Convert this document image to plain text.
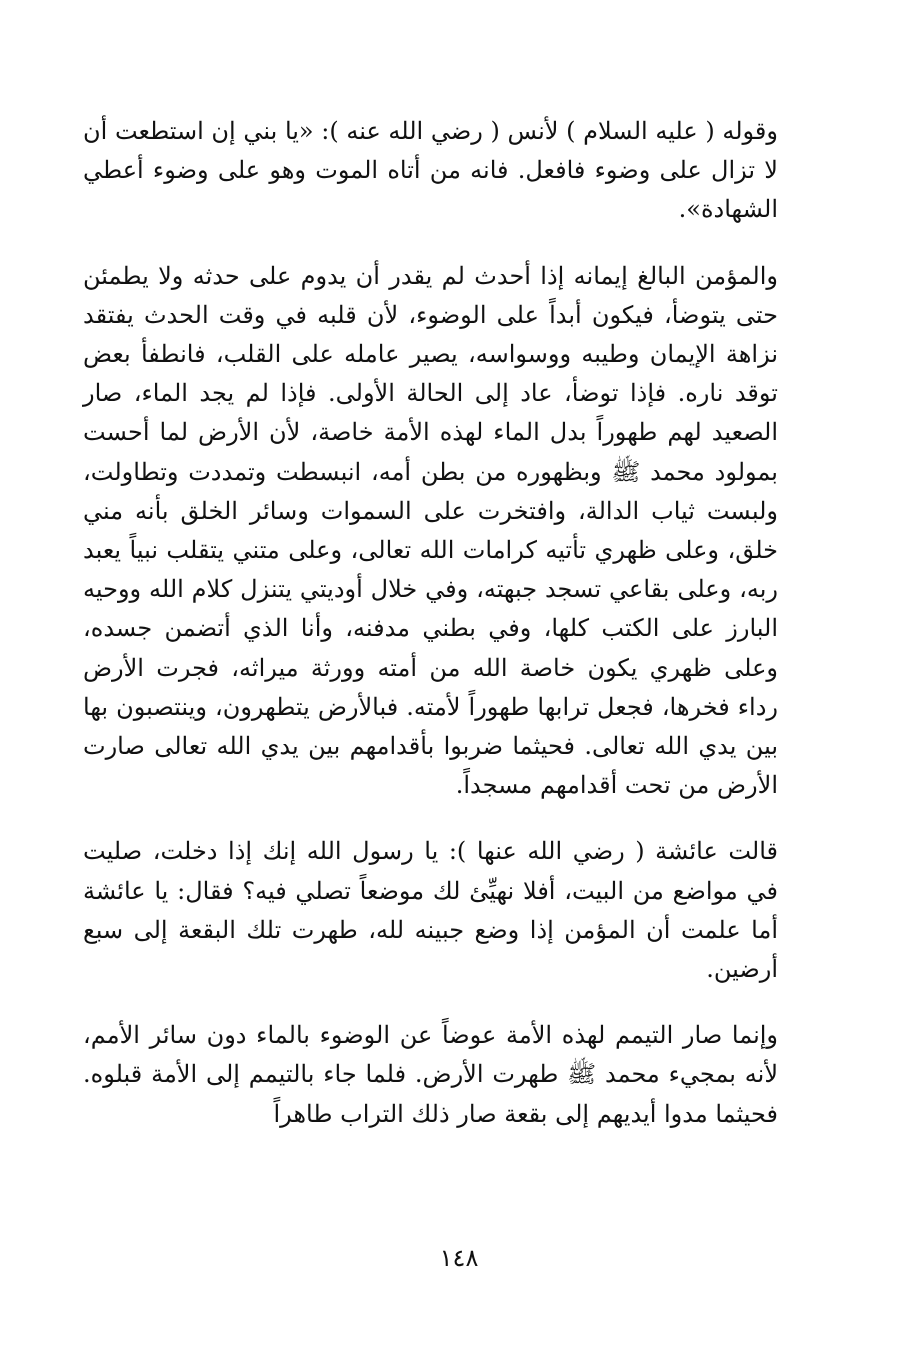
وقوله ( عليه السلام ) لأنس ( رضي الله عنه ): «يا بني إن استطعت أن لا تزال على وضوء فافعل. فانه من أتاه الموت وهو على وضوء أعطي الشهادة».

والمؤمن البالغ إيمانه إذا أحدث لم يقدر أن يدوم على حدثه ولا يطمئن حتى يتوضأ، فيكون أبداً على الوضوء، لأن قلبه في وقت الحدث يفتقد نزاهة الإيمان وطيبه ووسواسه، يصير عامله على القلب، فانطفأ بعض توقد ناره. فإذا توضأ، عاد إلى الحالة الأولى. فإذا لم يجد الماء، صار الصعيد لهم طهوراً بدل الماء لهذه الأمة خاصة، لأن الأرض لما أحست بمولود محمد ﷺ وبظهوره من بطن أمه، انبسطت وتمددت وتطاولت، ولبست ثياب الدالة، وافتخرت على السموات وسائر الخلق بأنه مني خلق، وعلى ظهري تأتيه كرامات الله تعالى، وعلى متني يتقلب نبياً يعبد ربه، وعلى بقاعي تسجد جبهته، وفي خلال أوديتي يتنزل كلام الله ووحيه البارز على الكتب كلها، وفي بطني مدفنه، وأنا الذي أتضمن جسده، وعلى ظهري يكون خاصة الله من أمته وورثة ميراثه، فجرت الأرض رداء فخرها، فجعل ترابها طهوراً لأمته. فبالأرض يتطهرون، وينتصبون بها بين يدي الله تعالى. فحيثما ضربوا بأقدامهم بين يدي الله تعالى صارت الأرض من تحت أقدامهم مسجداً.

قالت عائشة ( رضي الله عنها ): يا رسول الله إنك إذا دخلت، صليت في مواضع من البيت، أفلا نهيِّئ لك موضعاً تصلي فيه؟ فقال: يا عائشة أما علمت أن المؤمن إذا وضع جبينه لله، طهرت تلك البقعة إلى سبع أرضين.

وإنما صار التيمم لهذه الأمة عوضاً عن الوضوء بالماء دون سائر الأمم، لأنه بمجيء محمد ﷺ طهرت الأرض. فلما جاء بالتيمم إلى الأمة قبلوه. فحيثما مدوا أيديهم إلى بقعة صار ذلك التراب طاهراً

١٤٨
